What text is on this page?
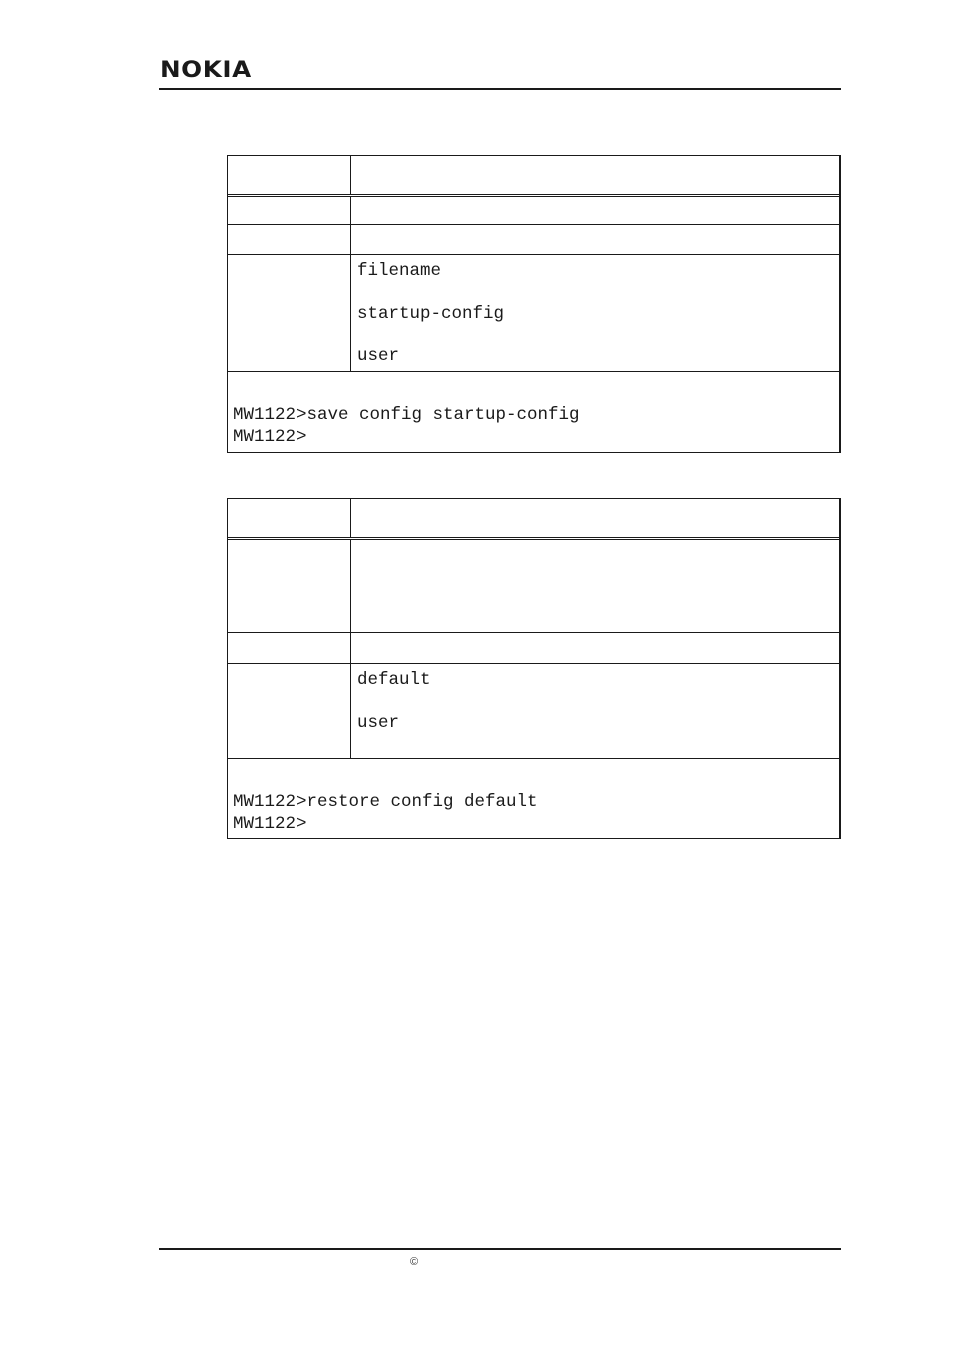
NOKIA
filename
startup-config
user
MW1122>save config startup-config
MW1122>
default
user
MW1122>restore config default
MW1122>
©
